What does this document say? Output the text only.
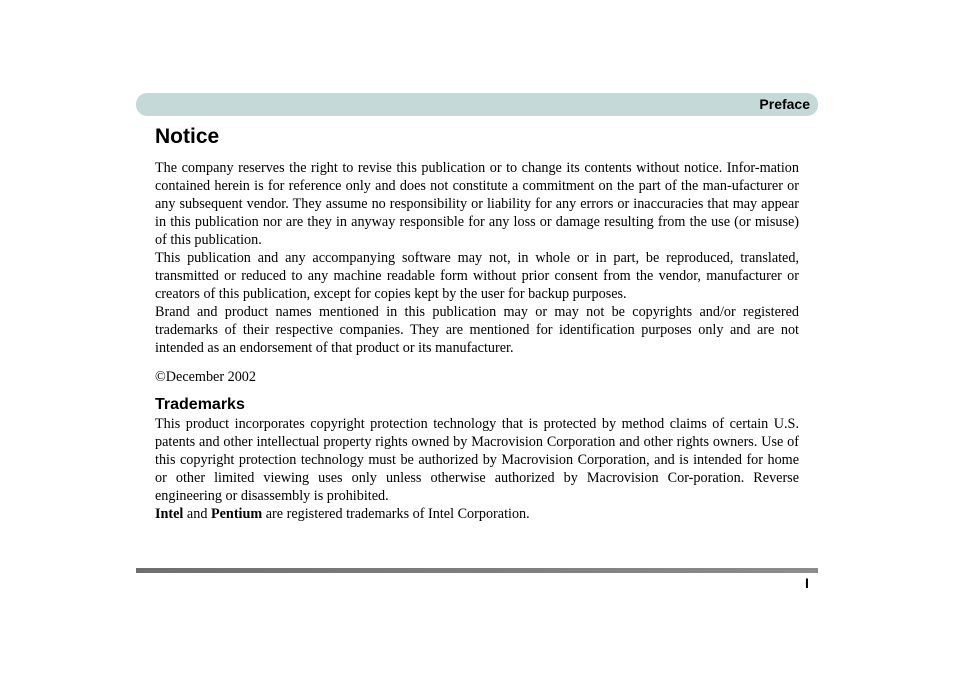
Preface
Notice

The company reserves the right to revise this publication or to change its contents without notice. Infor-mation contained herein is for reference only and does not constitute a commitment on the part of the man-ufacturer or any subsequent vendor. They assume no responsibility or liability for any errors or inaccuracies that may appear in this publication nor are they in anyway responsible for any loss or damage resulting from the use (or misuse) of this publication.

This publication and any accompanying software may not, in whole or in part, be reproduced, translated, transmitted or reduced to any machine readable form without prior consent from the vendor, manufacturer or creators of this publication, except for copies kept by the user for backup purposes.

Brand and product names mentioned in this publication may or may not be copyrights and/or registered trademarks of their respective companies. They are mentioned for identification purposes only and are not intended as an endorsement of that product or its manufacturer.

©December 2002

Trademarks

This product incorporates copyright protection technology that is protected by method claims of certain U.S. patents and other intellectual property rights owned by Macrovision Corporation and other rights owners. Use of this copyright protection technology must be authorized by Macrovision Corporation, and is intended for home or other limited viewing uses only unless otherwise authorized by Macrovision Cor-poration. Reverse engineering or disassembly is prohibited.

Intel and Pentium are registered trademarks of Intel Corporation.

I
